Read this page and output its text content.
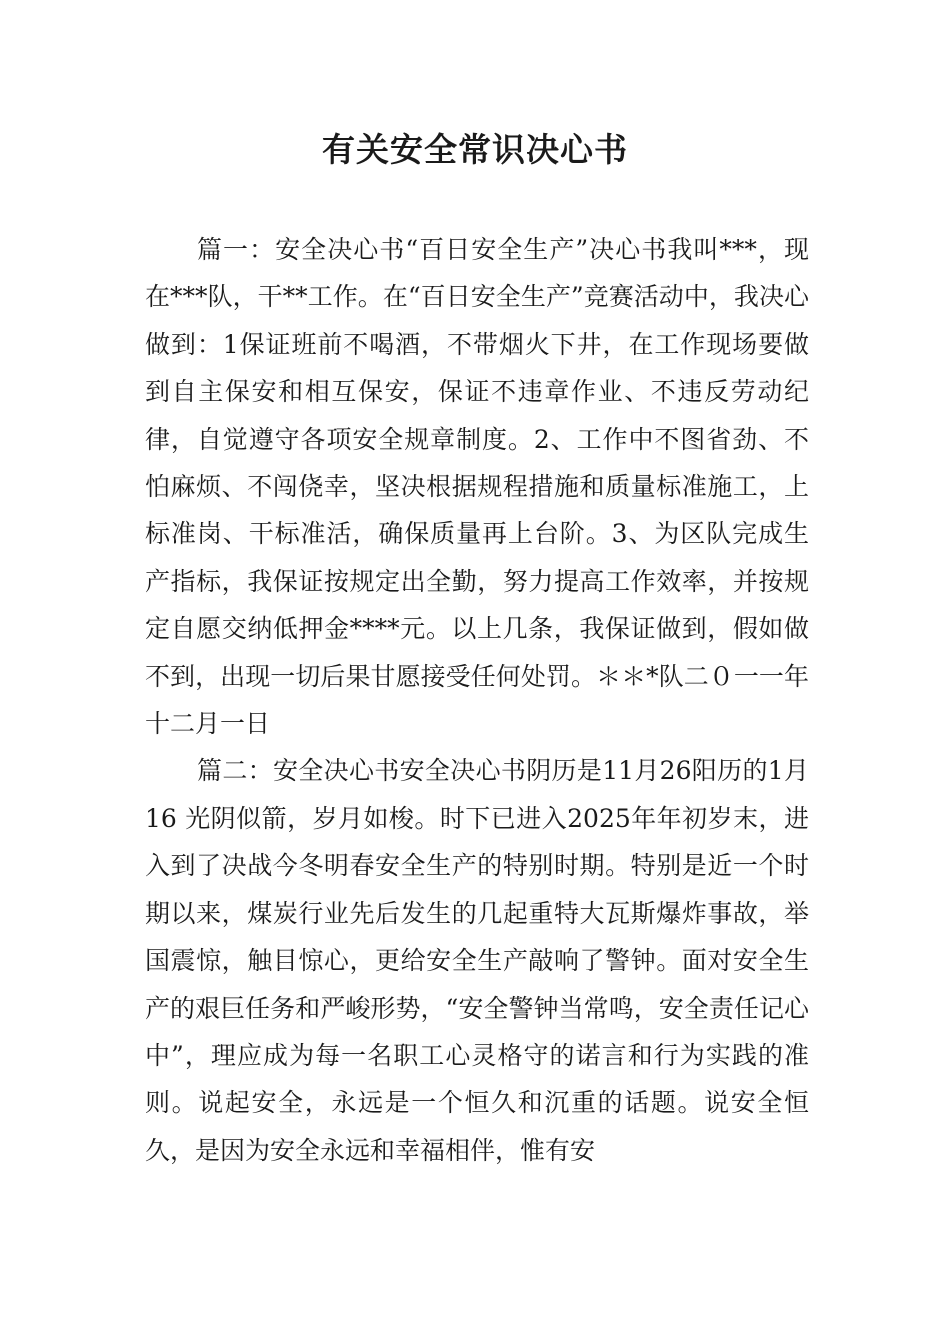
有关安全常识决心书

篇一：安全决心书“百日安全生产”决心书我叫***，现在***队，干**工作。在“百日安全生产”竞赛活动中，我决心做到：1保证班前不喝酒，不带烟火下井，在工作现场要做到自主保安和相互保安，保证不违章作业、不违反劳动纪律，自觉遵守各项安全规章制度。2、工作中不图省劲、不怕麻烦、不闯侥幸，坚决根据规程措施和质量标准施工，上标准岗、干标准活，确保质量再上台阶。3、为区队完成生产指标，我保证按规定出全勤，努力提高工作效率，并按规定自愿交纳低押金****元。以上几条，我保证做到，假如做不到，出现一切后果甘愿接受任何处罚。＊＊*队二０一一年十二月一日

篇二：安全决心书安全决心书阴历是11月26阳历的1月16 光阴似箭，岁月如梭。时下已进入2025年年初岁末，进入到了决战今冬明春安全生产的特别时期。特别是近一个时期以来，煤炭行业先后发生的几起重特大瓦斯爆炸事故，举国震惊，触目惊心，更给安全生产敲响了警钟。面对安全生产的艰巨任务和严峻形势，“安全警钟当常鸣，安全责任记心中”，理应成为每一名职工心灵格守的诺言和行为实践的准则。说起安全，永远是一个恒久和沉重的话题。说安全恒久，是因为安全永远和幸福相伴，惟有安
